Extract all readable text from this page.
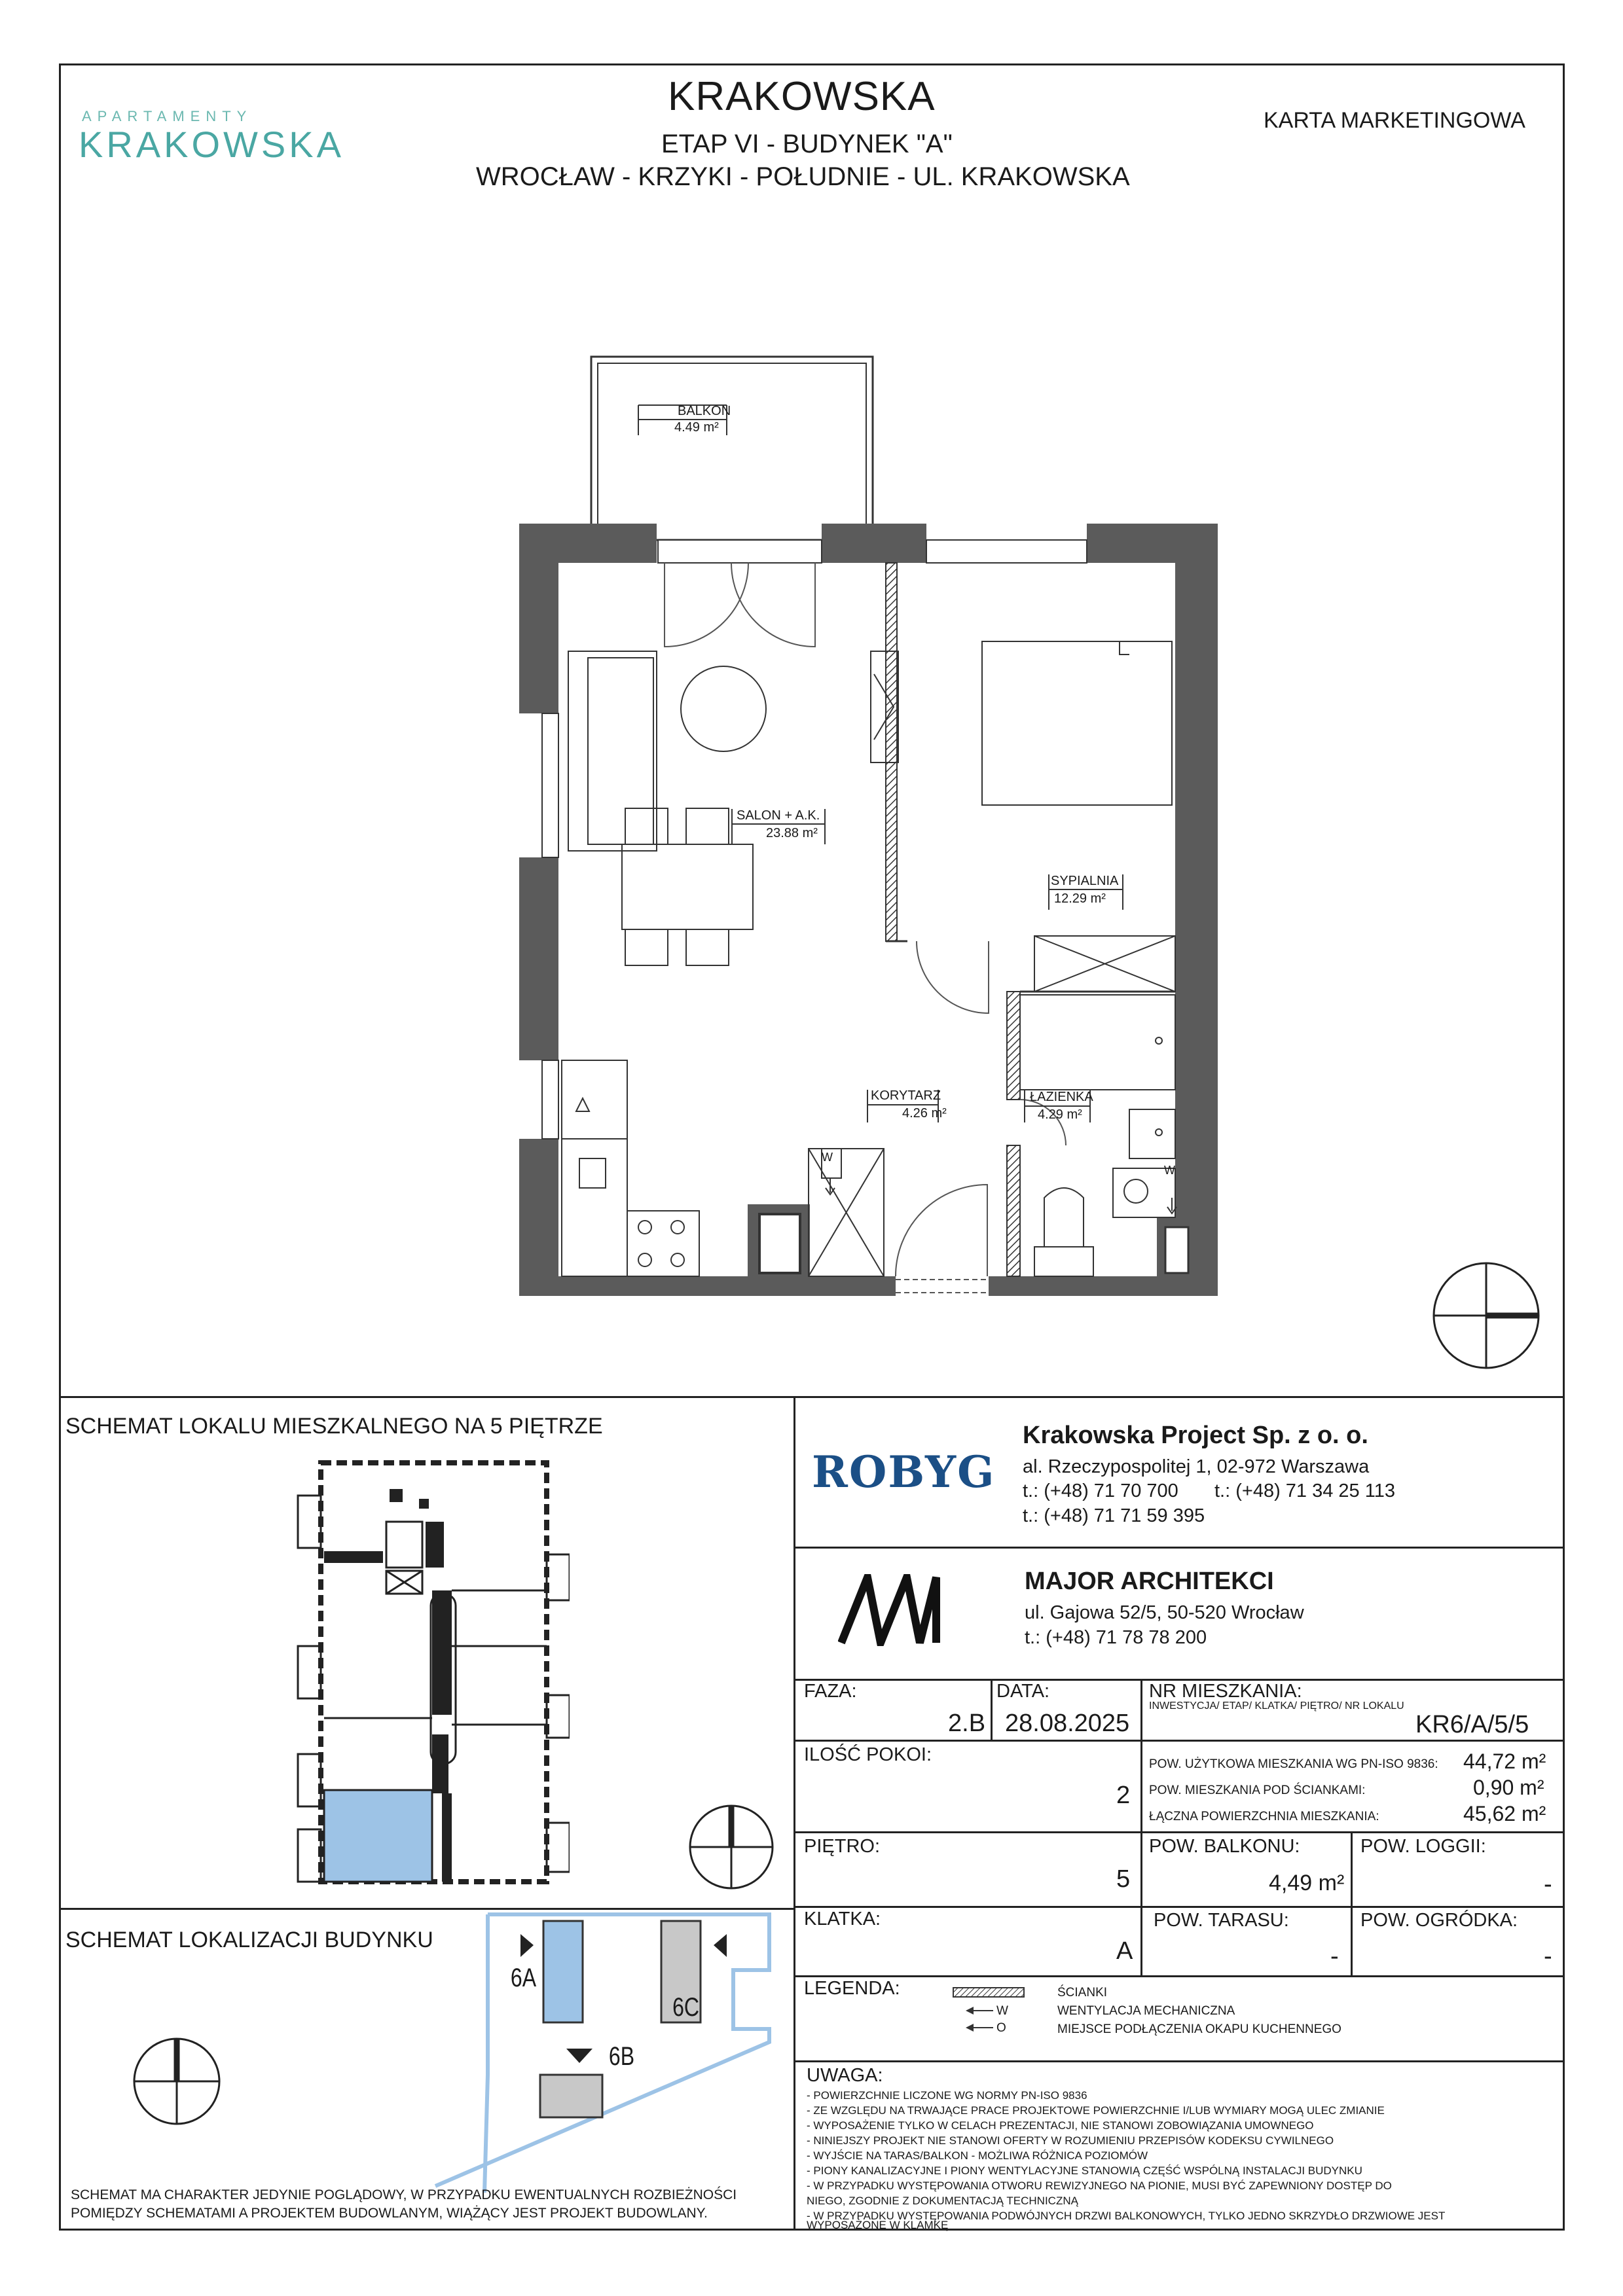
APARTAMENTY
KRAKOWSKA
KRAKOWSKA
ETAP VI - BUDYNEK "A"
WROCŁAW - KRZYKI - POŁUDNIE - UL. KRAKOWSKA
KARTA MARKETINGOWA
BALKON
4.49 m²
SALON + A.K.
23.88 m²
SYPIALNIA
12.29 m²
KORYTARZ
4.26 m²
ŁAZIENKA
4.29 m²
W
W
SCHEMAT LOKALU MIESZKALNEGO NA 5 PIĘTRZE
SCHEMAT LOKALIZACJI BUDYNKU
6A
6B
6C
SCHEMAT MA CHARAKTER JEDYNIE POGLĄDOWY, W PRZYPADKU EWENTUALNYCH ROZBIEŻNOŚCI
POMIĘDZY SCHEMATAMI A PROJEKTEM BUDOWLANYM, WIĄŻĄCY JEST PROJEKT BUDOWLANY.
ROBYG
Krakowska Project Sp. z o. o.
al. Rzeczypospolitej 1, 02-972 Warszawa
t.: (+48) 71 70 700 t.: (+48) 71 34 25 113
t.: (+48) 71 71 59 395
MAJOR ARCHITEKCI
ul. Gajowa 52/5, 50-520 Wrocław
t.: (+48) 71 78 78 200
FAZA:
2.B
DATA:
28.08.2025
NR MIESZKANIA:
INWESTYCJA/ ETAP/ KLATKA/ PIĘTRO/ NR LOKALU
KR6/A/5/5
ILOŚĆ POKOI:
2
POW. UŻYTKOWA MIESZKANIA WG PN-ISO 9836: 44,72 m²
POW. MIESZKANIA POD ŚCIANKAMI:	0,90 m²
ŁĄCZNA POWIERZCHNIA MIESZKANIA:	45,62 m²
PIĘTRO:
5
POW. BALKONU:
4,49 m²
POW. LOGGII:
-
KLATKA:
A
POW. TARASU:
-
POW. OGRÓDKA:
-
LEGENDA:
W
O
ŚCIANKI
WENTYLACJA MECHANICZNA
MIEJSCE PODŁĄCZENIA OKAPU KUCHENNEGO
UWAGA:
- POWIERZCHNIE LICZONE WG NORMY PN-ISO 9836
- ZE WZGLĘDU NA TRWAJĄCE PRACE PROJEKTOWE POWIERZCHNIE I/LUB WYMIARY MOGĄ ULEC ZMIANIE
- WYPOSAŻENIE TYLKO W CELACH PREZENTACJI, NIE STANOWI ZOBOWIĄZANIA UMOWNEGO
- NINIEJSZY PROJEKT NIE STANOWI OFERTY W ROZUMIENIU PRZEPISÓW KODEKSU CYWILNEGO
- WYJŚCIE NA TARAS/BALKON - MOŻLIWA RÓŻNICA POZIOMÓW
- PIONY KANALIZACYJNE I PIONY WENTYLACYJNE STANOWIĄ CZĘŚĆ WSPÓLNĄ INSTALACJI BUDYNKU
- W PRZYPADKU WYSTĘPOWANIA OTWORU REWIZYJNEGO NA PIONIE, MUSI BYĆ ZAPEWNIONY DOSTĘP DO
NIEGO, ZGODNIE Z DOKUMENTACJĄ TECHNICZNĄ
- W PRZYPADKU WYSTĘPOWANIA PODWÓJNYCH DRZWI BALKONOWYCH, TYLKO JEDNO SKRZYDŁO DRZWIOWE JEST
WYPOSAŻONE W KLAMKĘ
